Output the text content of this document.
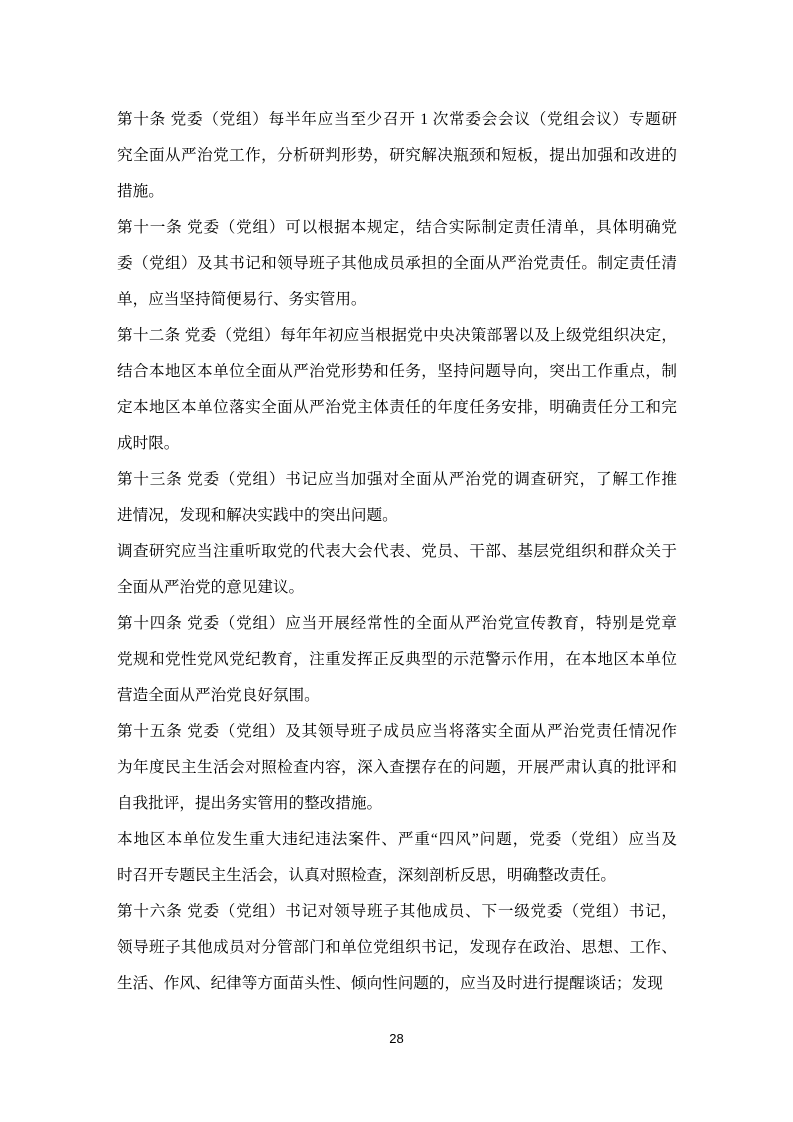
第十条 党委（党组）每半年应当至少召开 1 次常委会会议（党组会议）专题研
究全面从严治党工作，分析研判形势，研究解决瓶颈和短板，提出加强和改进的
措施。
第十一条 党委（党组）可以根据本规定，结合实际制定责任清单，具体明确党
委（党组）及其书记和领导班子其他成员承担的全面从严治党责任。制定责任清
单，应当坚持简便易行、务实管用。
第十二条 党委（党组）每年年初应当根据党中央决策部署以及上级党组织决定，
结合本地区本单位全面从严治党形势和任务，坚持问题导向，突出工作重点，制
定本地区本单位落实全面从严治党主体责任的年度任务安排，明确责任分工和完
成时限。
第十三条 党委（党组）书记应当加强对全面从严治党的调查研究，了解工作推
进情况，发现和解决实践中的突出问题。
调查研究应当注重听取党的代表大会代表、党员、干部、基层党组织和群众关于
全面从严治党的意见建议。
第十四条 党委（党组）应当开展经常性的全面从严治党宣传教育，特别是党章
党规和党性党风党纪教育，注重发挥正反典型的示范警示作用，在本地区本单位
营造全面从严治党良好氛围。
第十五条 党委（党组）及其领导班子成员应当将落实全面从严治党责任情况作
为年度民主生活会对照检查内容，深入查摆存在的问题，开展严肃认真的批评和
自我批评，提出务实管用的整改措施。
本地区本单位发生重大违纪违法案件、严重“四风”问题，党委（党组）应当及
时召开专题民主生活会，认真对照检查，深刻剖析反思，明确整改责任。
第十六条 党委（党组）书记对领导班子其他成员、下一级党委（党组）书记，
领导班子其他成员对分管部门和单位党组织书记，发现存在政治、思想、工作、
生活、作风、纪律等方面苗头性、倾向性问题的，应当及时进行提醒谈话；发现
28
